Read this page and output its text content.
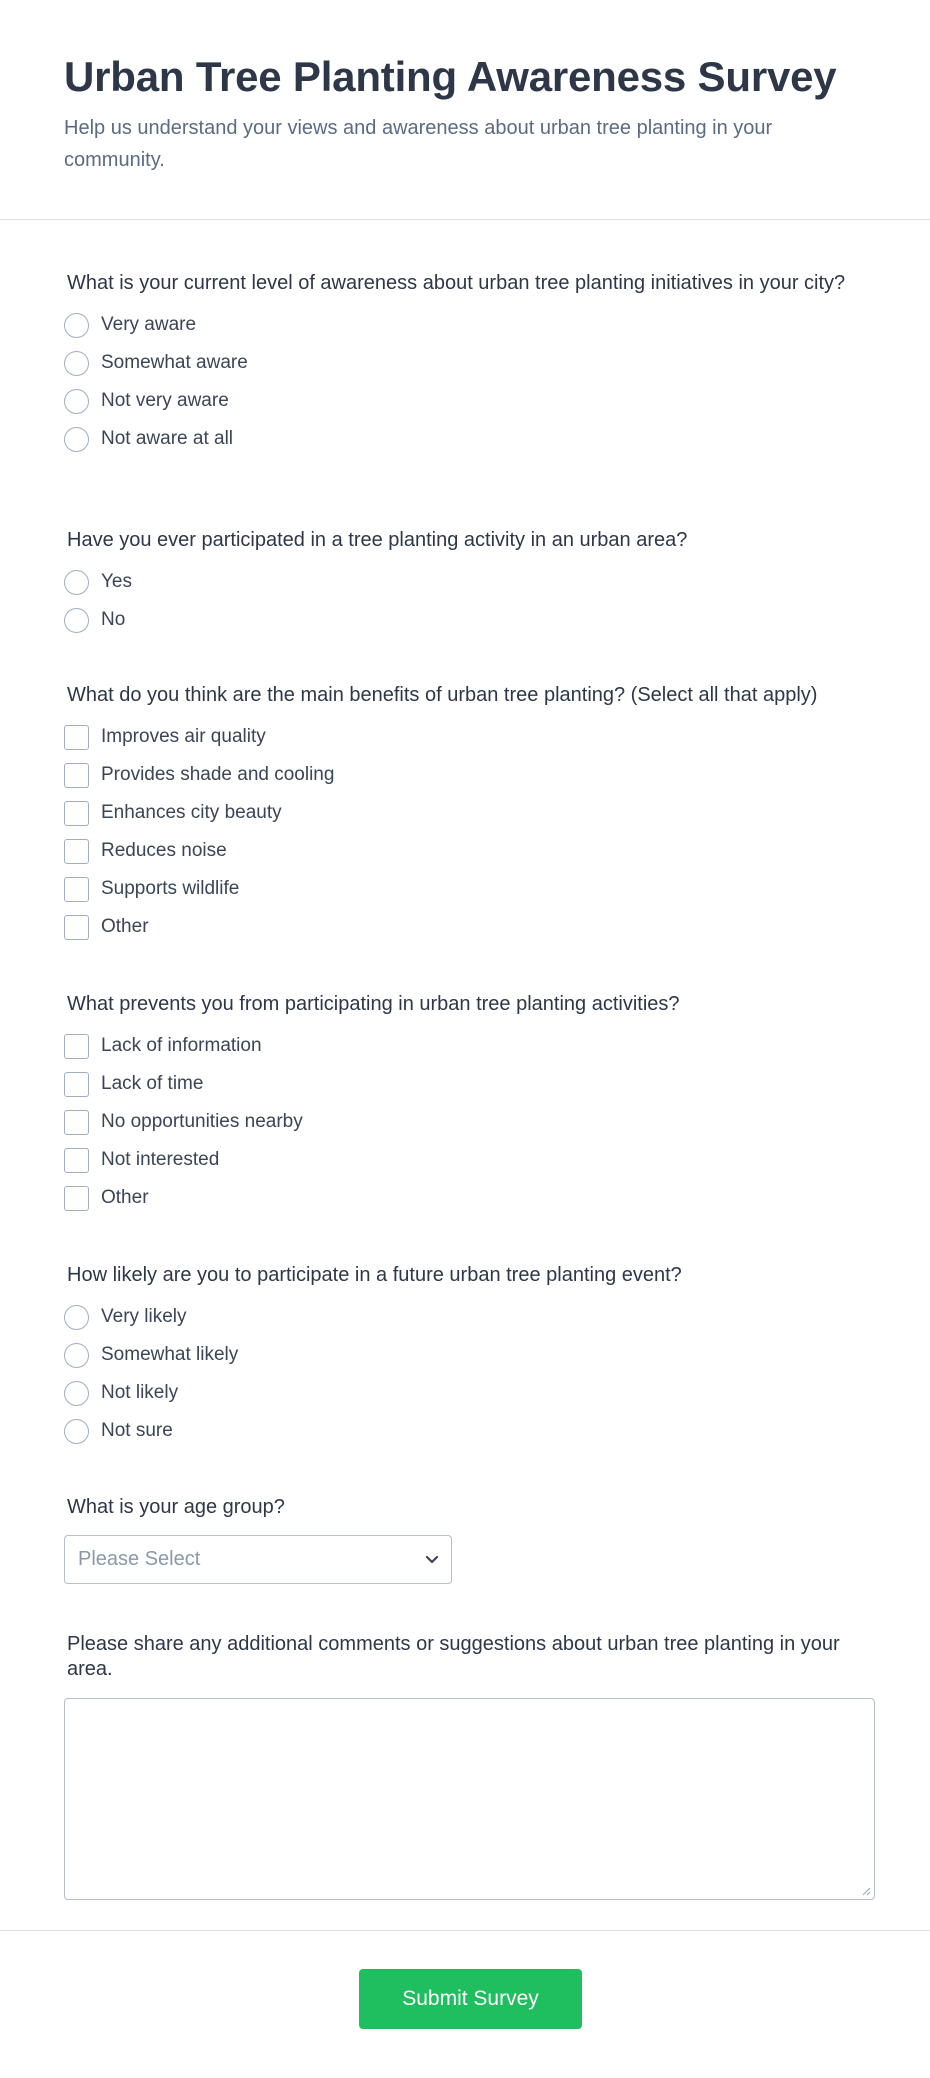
Urban Tree Planting Awareness Survey

Help us understand your views and awareness about urban tree planting in your community.

What is your current level of awareness about urban tree planting initiatives in your city?
Very aware
Somewhat aware
Not very aware
Not aware at all
Have you ever participated in a tree planting activity in an urban area?
Yes
No
What do you think are the main benefits of urban tree planting? (Select all that apply)
Improves air quality
Provides shade and cooling
Enhances city beauty
Reduces noise
Supports wildlife
Other
What prevents you from participating in urban tree planting activities?
Lack of information
Lack of time
No opportunities nearby
Not interested
Other
How likely are you to participate in a future urban tree planting event?
Very likely
Somewhat likely
Not likely
Not sure
What is your age group?
Please Select
Please share any additional comments or suggestions about urban tree planting in your area.
Submit Survey
